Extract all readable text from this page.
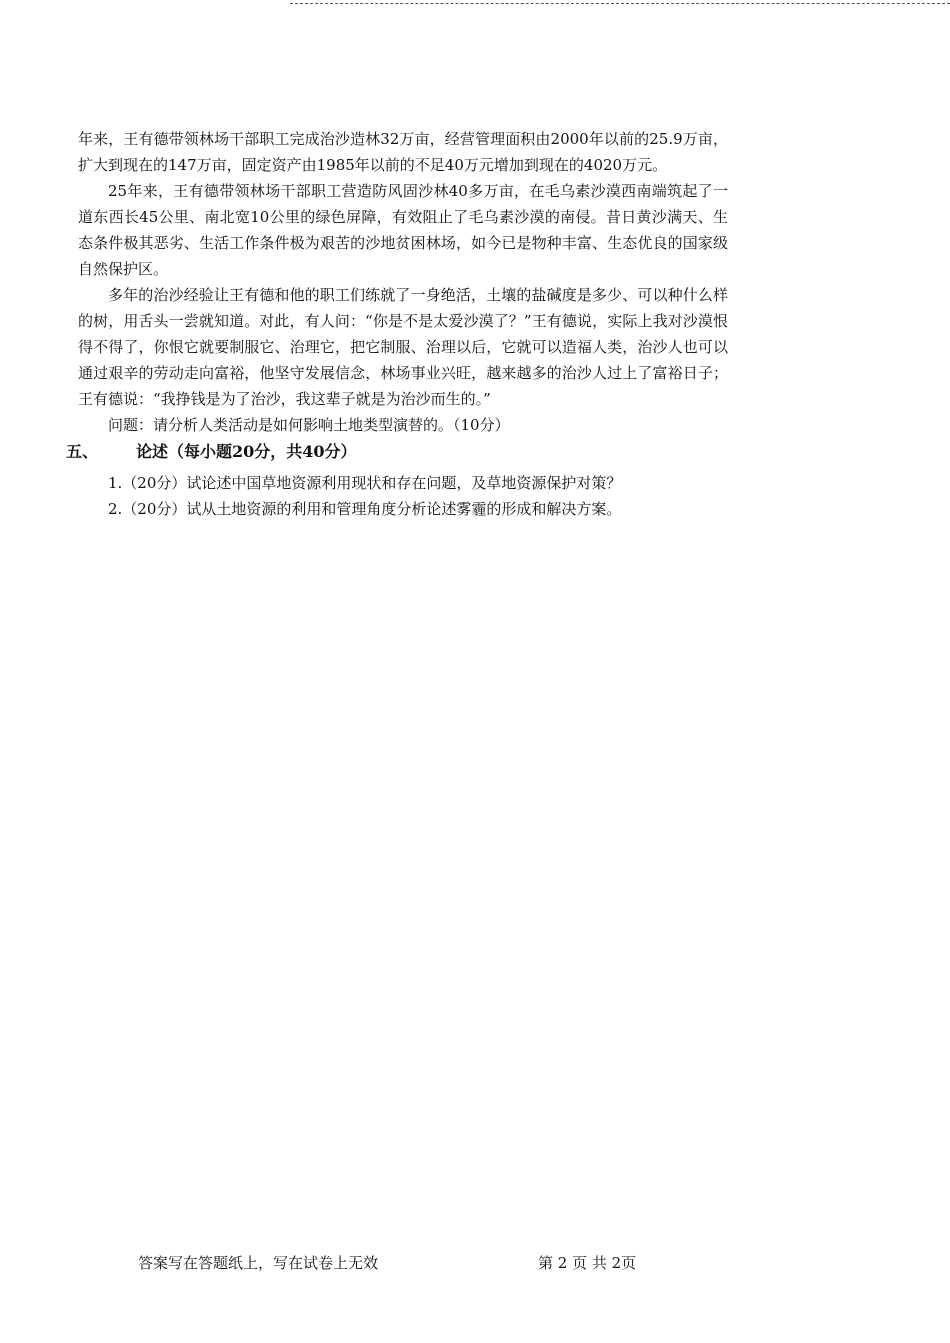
年来，王有德带领林场干部职工完成治沙造林32万亩，经营管理面积由2000年以前的25.9万亩，扩大到现在的147万亩，固定资产由1985年以前的不足40万元增加到现在的4020万元。

25年来，王有德带领林场干部职工营造防风固沙林40多万亩，在毛乌素沙漠西南端筑起了一道东西长45公里、南北宽10公里的绿色屏障，有效阻止了毛乌素沙漠的南侵。昔日黄沙满天、生态条件极其恶劣、生活工作条件极为艰苦的沙地贫困林场，如今已是物种丰富、生态优良的国家级自然保护区。

多年的治沙经验让王有德和他的职工们练就了一身绝活，土壤的盐碱度是多少、可以种什么样的树，用舌头一尝就知道。对此，有人问：“你是不是太爱沙漠了？”王有德说，实际上我对沙漠恨得不得了，你恨它就要制服它、治理它，把它制服、治理以后，它就可以造福人类，治沙人也可以通过艰辛的劳动走向富裕，他坚守发展信念，林场事业兴旺，越来越多的治沙人过上了富裕日子；王有德说：“我挣钱是为了治沙，我这辈子就是为治沙而生的。”

问题：请分析人类活动是如何影响土地类型演替的。（10分）

五、 论述（每小题20分，共40分）
1.（20分）试论述中国草地资源利用现状和存在问题，及草地资源保护对策？
2.（20分）试从土地资源的利用和管理角度分析论述雾霾的形成和解决方案。
答案写在答题纸上，写在试卷上无效	第 2 页 共 2页
